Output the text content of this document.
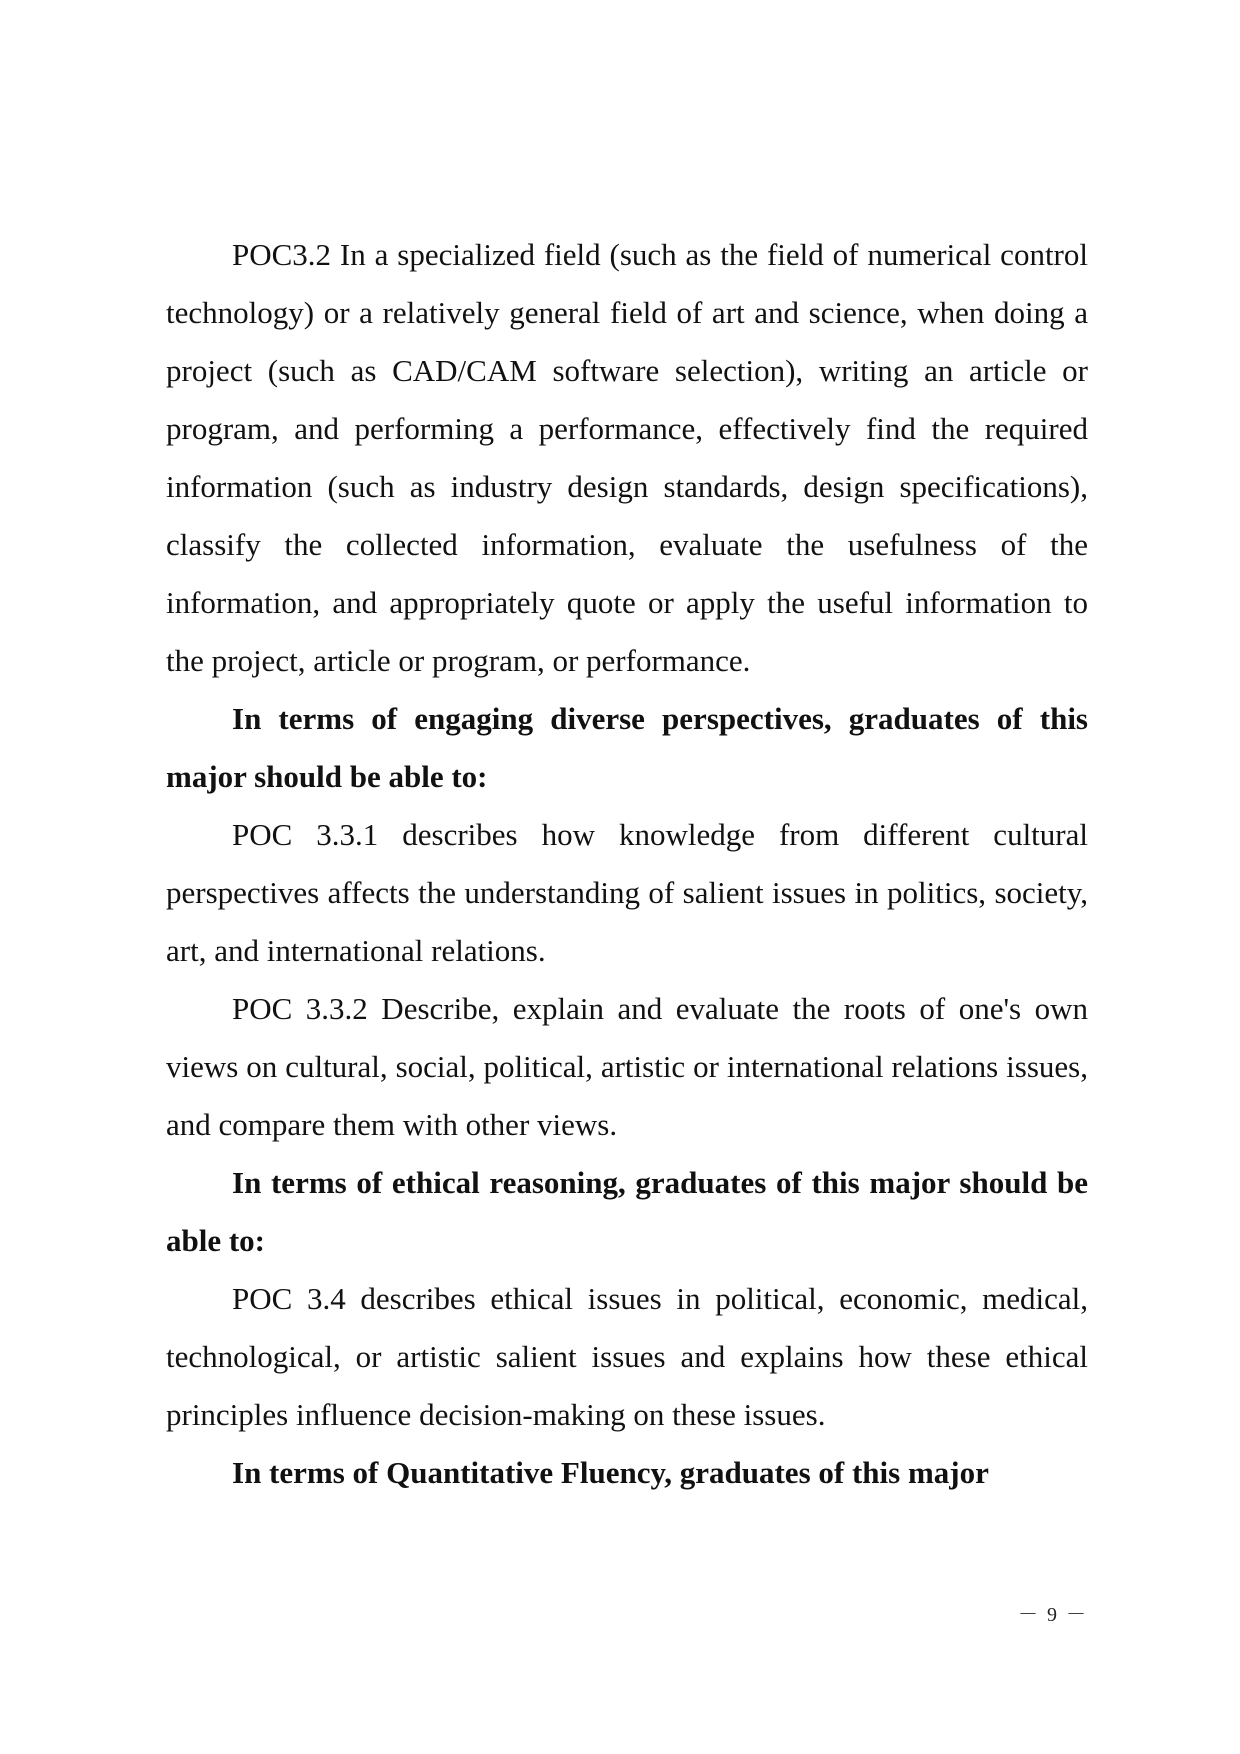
POC3.2 In a specialized field (such as the field of numerical control technology) or a relatively general field of art and science, when doing a project (such as CAD/CAM software selection), writing an article or program, and performing a performance, effectively find the required information (such as industry design standards, design specifications), classify the collected information, evaluate the usefulness of the information, and appropriately quote or apply the useful information to the project, article or program, or performance.

In terms of engaging diverse perspectives, graduates of this major should be able to:

POC 3.3.1 describes how knowledge from different cultural perspectives affects the understanding of salient issues in politics, society, art, and international relations.

POC 3.3.2 Describe, explain and evaluate the roots of one's own views on cultural, social, political, artistic or international relations issues, and compare them with other views.

In terms of ethical reasoning, graduates of this major should be able to:

POC 3.4 describes ethical issues in political, economic, medical, technological, or artistic salient issues and explains how these ethical principles influence decision-making on these issues.

In terms of Quantitative Fluency, graduates of this major

－ 9 －
